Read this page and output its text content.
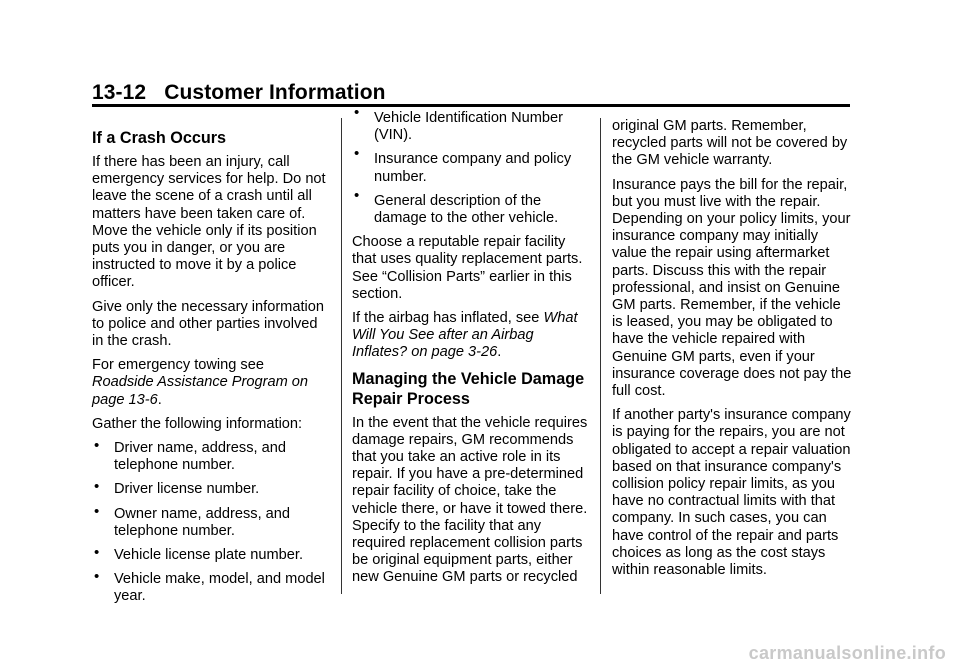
13-12 Customer Information
If a Crash Occurs

If there has been an injury, call emergency services for help. Do not leave the scene of a crash until all matters have been taken care of. Move the vehicle only if its position puts you in danger, or you are instructed to move it by a police officer.

Give only the necessary information to police and other parties involved in the crash.

For emergency towing see
Roadside Assistance Program on page 13-6.

Gather the following information:

• Driver name, address, and telephone number.
• Driver license number.
• Owner name, address, and telephone number.
• Vehicle license plate number.
• Vehicle make, model, and model year.
• Vehicle Identification Number (VIN).
• Insurance company and policy number.
• General description of the damage to the other vehicle.

Choose a reputable repair facility that uses quality replacement parts. See “Collision Parts” earlier in this section.

If the airbag has inflated, see What Will You See after an Airbag Inflates? on page 3-26.

Managing the Vehicle Damage Repair Process

In the event that the vehicle requires damage repairs, GM recommends that you take an active role in its repair. If you have a pre-determined repair facility of choice, take the vehicle there, or have it towed there. Specify to the facility that any required replacement collision parts be original equipment parts, either new Genuine GM parts or recycled

original GM parts. Remember, recycled parts will not be covered by the GM vehicle warranty.

Insurance pays the bill for the repair, but you must live with the repair. Depending on your policy limits, your insurance company may initially value the repair using aftermarket parts. Discuss this with the repair professional, and insist on Genuine GM parts. Remember, if the vehicle is leased, you may be obligated to have the vehicle repaired with Genuine GM parts, even if your insurance coverage does not pay the full cost.

If another party's insurance company is paying for the repairs, you are not obligated to accept a repair valuation based on that insurance company's collision policy repair limits, as you have no contractual limits with that company. In such cases, you can have control of the repair and parts choices as long as the cost stays within reasonable limits.

carmanualsonline.info
